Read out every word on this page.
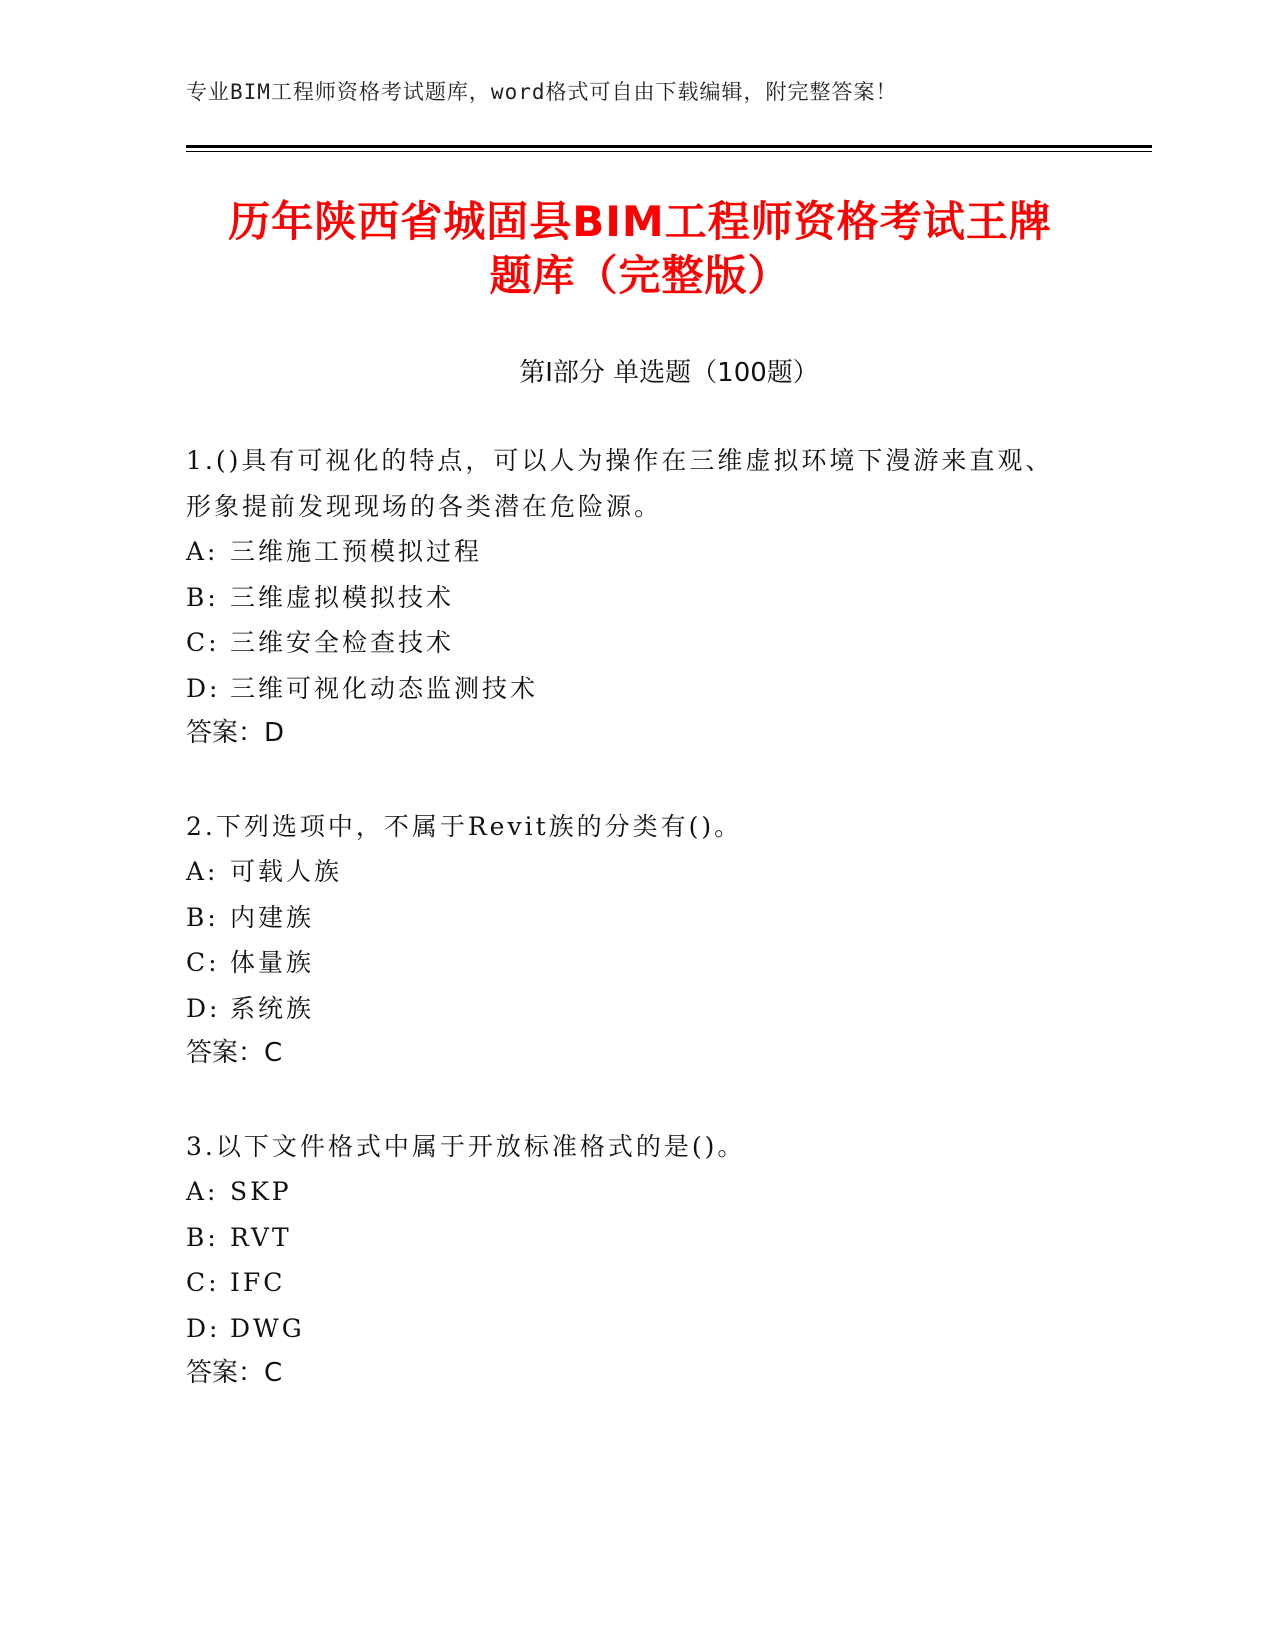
专业BIM工程师资格考试题库，word格式可自由下载编辑，附完整答案！
历年陕西省城固县BIM工程师资格考试王牌
题库（完整版）
第Ⅰ部分 单选题（100题）
1.()具有可视化的特点，可以人为操作在三维虚拟环境下漫游来直观、形象提前发现现场的各类潜在危险源。
A: 三维施工预模拟过程
B: 三维虚拟模拟技术
C: 三维安全检查技术
D: 三维可视化动态监测技术
答案：D
2.下列选项中，不属于Revit族的分类有()。
A: 可载人族
B: 内建族
C: 体量族
D: 系统族
答案：C
3.以下文件格式中属于开放标准格式的是()。
A: SKP
B: RVT
C: IFC
D: DWG
答案：C
